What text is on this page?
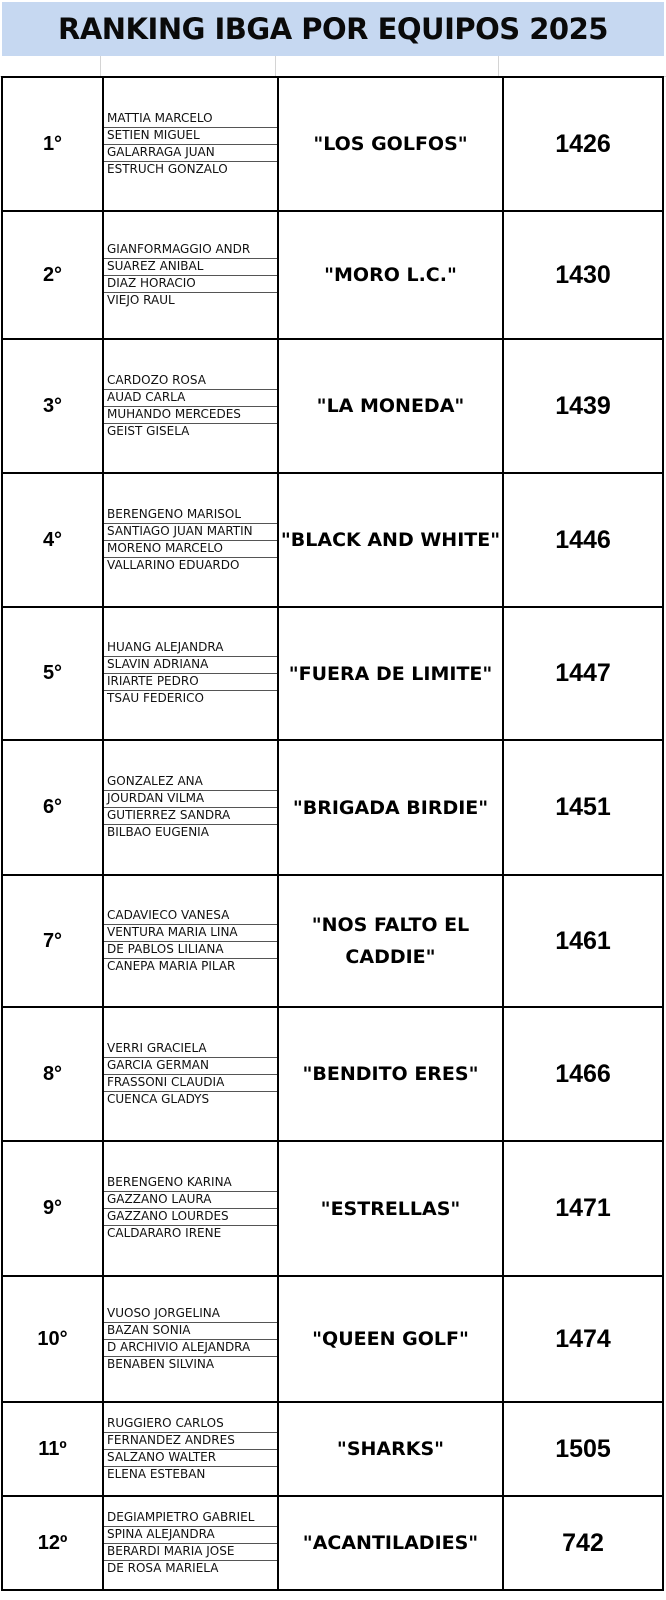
RANKING IBGA POR EQUIPOS 2025
1°	MATTIA MARCELO
SETIEN MIGUEL
GALARRAGA JUAN
ESTRUCH GONZALO	"LOS GOLFOS"	1426
2°	GIANFORMAGGIO ANDR
SUAREZ ANIBAL
DIAZ HORACIO
VIEJO RAUL	"MORO L.C."	1430
3°	CARDOZO ROSA
AUAD CARLA
MUHANDO MERCEDES
GEIST GISELA	"LA MONEDA"	1439
4°	BERENGENO MARISOL
SANTIAGO JUAN MARTIN
MORENO MARCELO
VALLARINO EDUARDO	"BLACK AND WHITE"	1446
5°	HUANG ALEJANDRA
SLAVIN ADRIANA
IRIARTE PEDRO
TSAU FEDERICO	"FUERA DE LIMITE"	1447
6°	GONZALEZ ANA
JOURDAN VILMA
GUTIERREZ SANDRA
BILBAO EUGENIA	"BRIGADA BIRDIE"	1451
7°	CADAVIECO VANESA
VENTURA MARIA LINA
DE PABLOS LILIANA
CANEPA MARIA PILAR	"NOS FALTO EL CADDIE"	1461
8°	VERRI GRACIELA
GARCIA GERMAN
FRASSONI CLAUDIA
CUENCA GLADYS	"BENDITO ERES"	1466
9°	BERENGENO KARINA
GAZZANO LAURA
GAZZANO LOURDES
CALDARARO IRENE	"ESTRELLAS"	1471
10°	VUOSO JORGELINA
BAZAN SONIA
D ARCHIVIO ALEJANDRA
BENABEN SILVINA	"QUEEN GOLF"	1474
11º	RUGGIERO CARLOS
FERNANDEZ ANDRES
SALZANO WALTER
ELENA ESTEBAN	"SHARKS"	1505
12º	DEGIAMPIETRO GABRIEL
SPINA ALEJANDRA
BERARDI MARIA JOSE
DE ROSA MARIELA	"ACANTILADIES"	742
